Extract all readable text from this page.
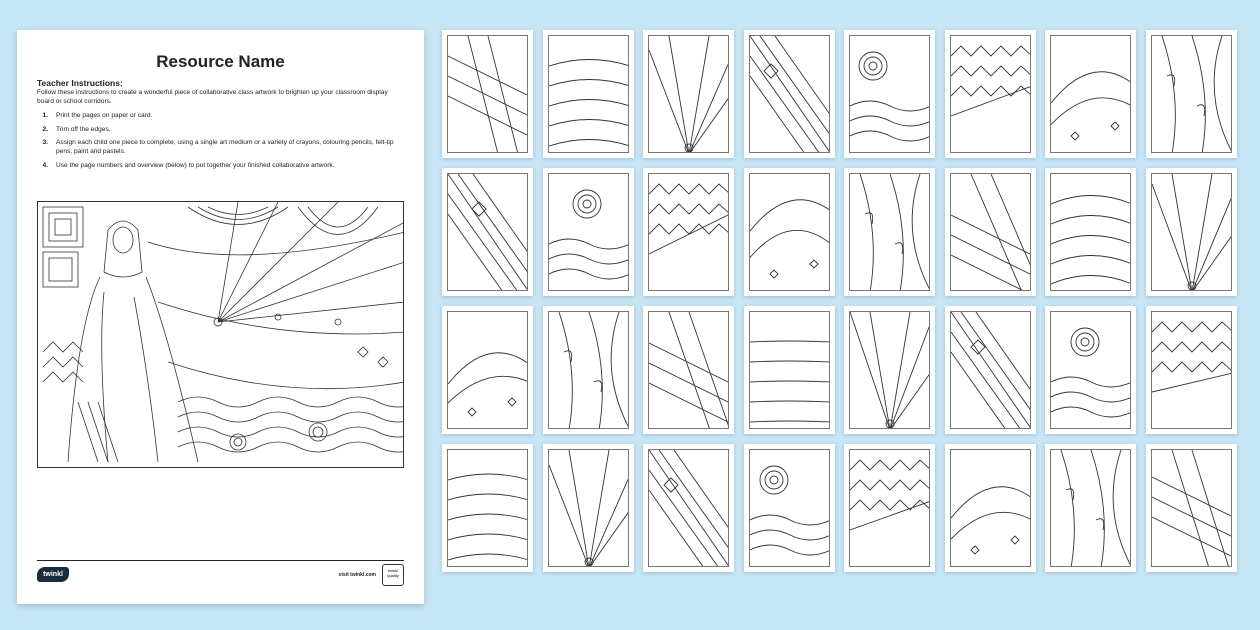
Resource Name
Teacher Instructions:
Follow these instructions to create a wonderful piece of collaborative class artwork to brighten up your classroom display board or school corridors.
1. Print the pages on paper or card.
2. Trim off the edges.
3. Assign each child one piece to complete, using a single art medium or a variety of crayons, colouring pencils, felt-tip pens, paint and pastels.
4. Use the page numbers and overview (below) to put together your finished collaborative artwork.
twinkl	visit twinkl.com
twinkl quality
